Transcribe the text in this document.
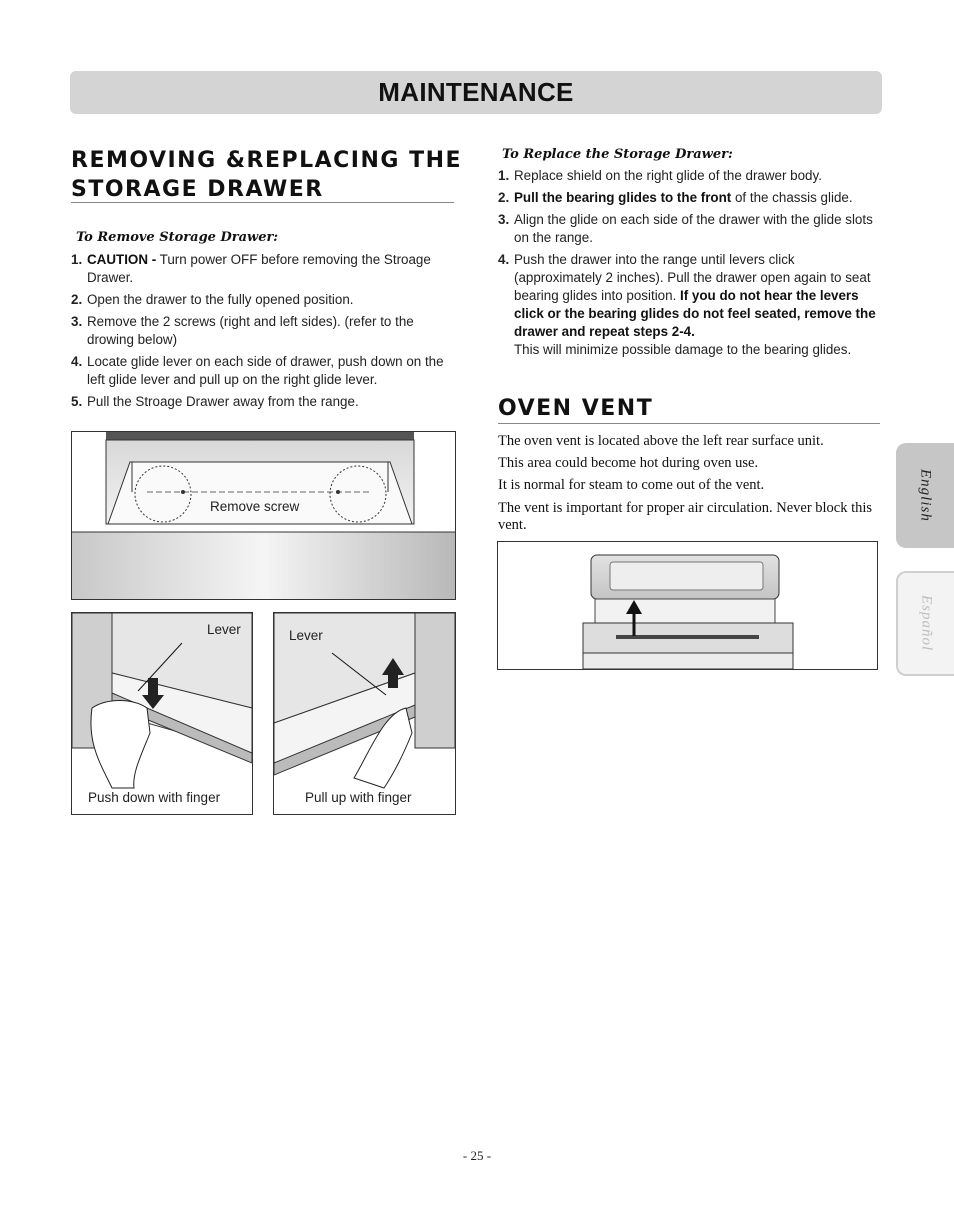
MAINTENANCE
REMOVING &REPLACING THE
STORAGE DRAWER

To Remove Storage Drawer:

1. CAUTION - Turn power OFF before removing the Stroage Drawer.
2. Open the drawer to the fully opened position.
3. Remove the 2 screws (right and left sides). (refer to the drowing below)
4. Locate glide lever on each side of drawer, push down on the left glide lever and pull up on the right glide lever.
5. Pull the Stroage Drawer away from the range.
Remove screw
Lever
Push down with finger
Lever
Pull up with finger

To Replace the Storage Drawer:

1. Replace shield on the right glide of the drawer body.
2. Pull the bearing glides to the front of the chassis glide.
3. Align the glide on each side of the drawer with the glide slots on the range.
4. Push the drawer into the range until levers click (approximately 2 inches). Pull the drawer open again to seat bearing glides into position. If you do not hear the levers click or the bearing glides do not feel seated, remove the drawer and repeat steps 2-4.
This will minimize possible damage to the bearing glides.
OVEN VENT

The oven vent is located above the left rear surface unit.

This area could become hot during oven use.

It is normal for steam to come out of the vent.

The vent is important for proper air circulation. Never block this vent.

English
Español
- 25 -
